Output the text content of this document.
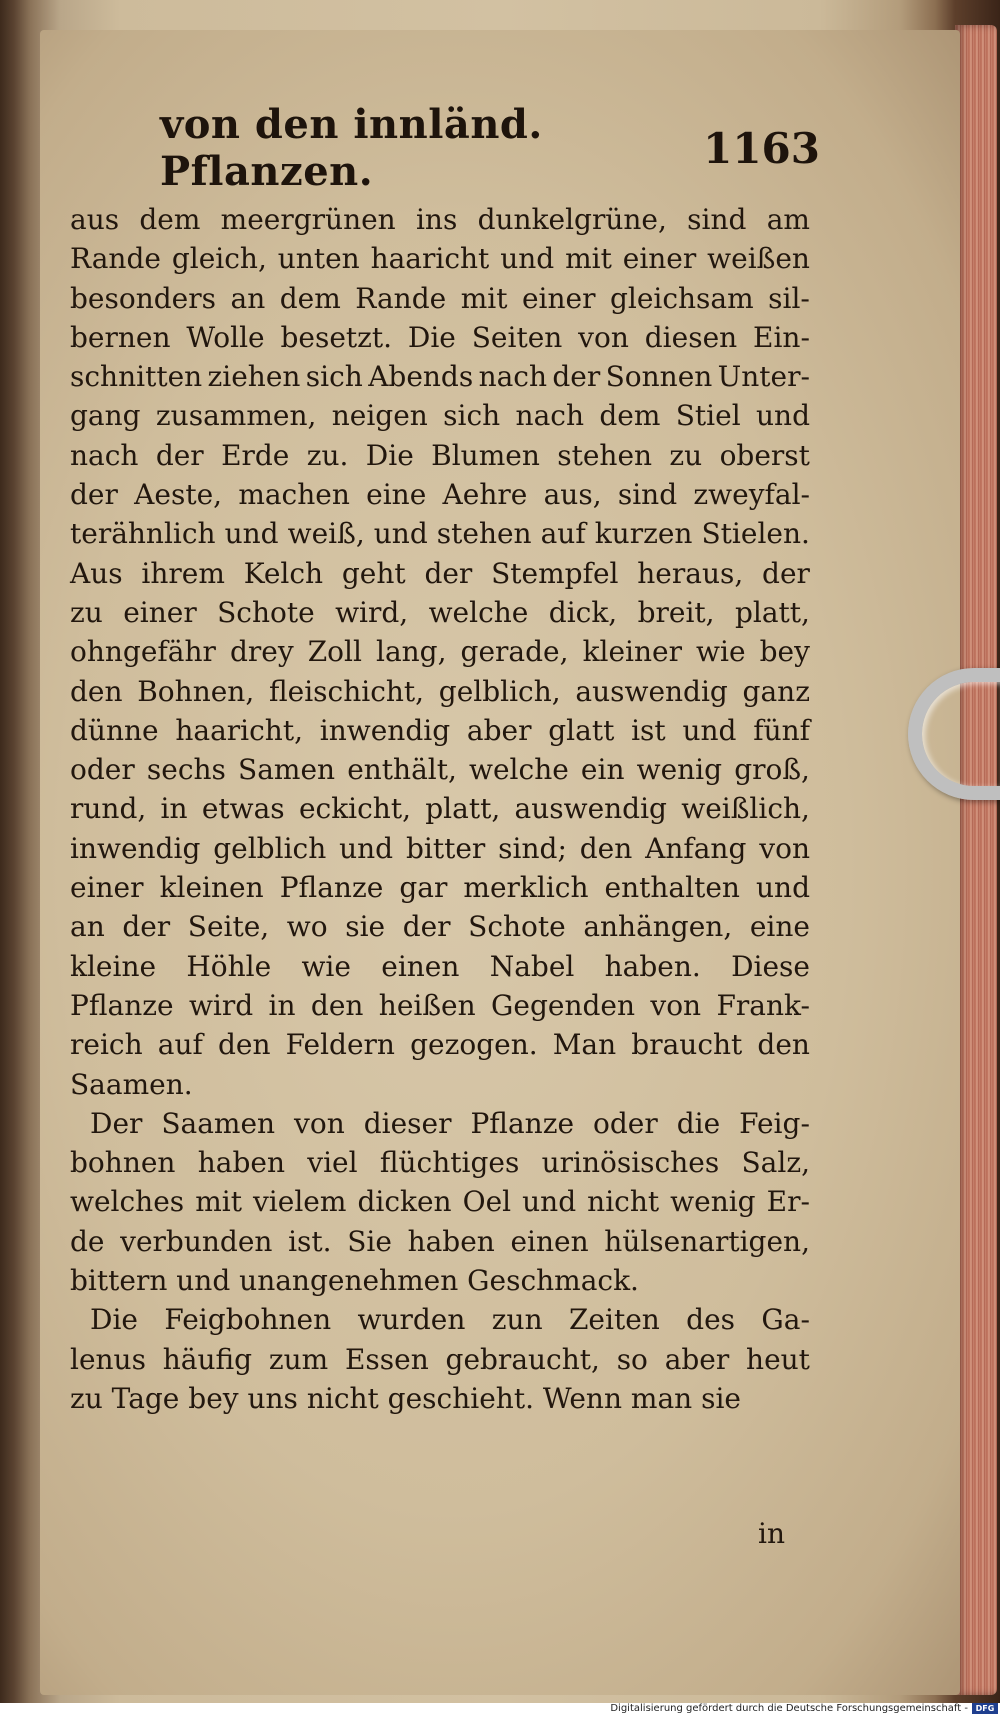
von den innländ. Pflanzen.	1163
aus dem meergrünen ins dunkelgrüne, sind am
Rande gleich, unten haaricht und mit einer weißen
besonders an dem Rande mit einer gleichsam sil-
bernen Wolle besetzt. Die Seiten von diesen Ein-
schnitten ziehen sich Abends nach der Sonnen Unter-
gang zusammen, neigen sich nach dem Stiel und
nach der Erde zu. Die Blumen stehen zu oberst
der Aeste, machen eine Aehre aus, sind zweyfal-
terähnlich und weiß, und stehen auf kurzen Stielen.
Aus ihrem Kelch geht der Stempfel heraus, der
zu einer Schote wird, welche dick, breit, platt,
ohngefähr drey Zoll lang, gerade, kleiner wie bey
den Bohnen, fleischicht, gelblich, auswendig ganz
dünne haaricht, inwendig aber glatt ist und fünf
oder sechs Samen enthält, welche ein wenig groß,
rund, in etwas eckicht, platt, auswendig weißlich,
inwendig gelblich und bitter sind; den Anfang von
einer kleinen Pflanze gar merklich enthalten und
an der Seite, wo sie der Schote anhängen, eine
kleine Höhle wie einen Nabel haben. Diese
Pflanze wird in den heißen Gegenden von Frank-
reich auf den Feldern gezogen. Man braucht den
Saamen.
Der Saamen von dieser Pflanze oder die Feig-
bohnen haben viel flüchtiges urinösisches Salz,
welches mit vielem dicken Oel und nicht wenig Er-
de verbunden ist. Sie haben einen hülsenartigen,
bittern und unangenehmen Geschmack.
Die Feigbohnen wurden zun Zeiten des Ga-
lenus häufig zum Essen gebraucht, so aber heut
zu Tage bey uns nicht geschieht. Wenn man sie
in
Digitalisierung gefördert durch die Deutsche Forschungsgemeinschaft - DFG
